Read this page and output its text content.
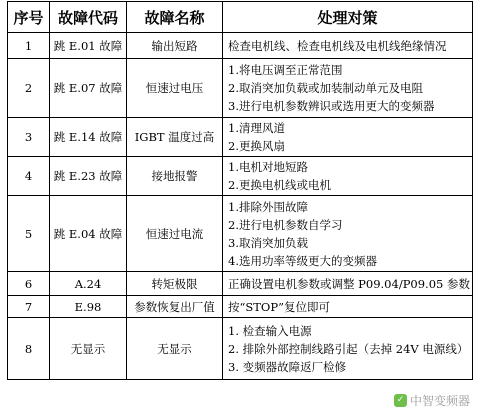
序号	故障代码	故障名称	处理对策
1	跳 E.01 故障	输出短路	检查电机线、检查电机线及电机线绝缘情况

2	跳 E.07 故障	恒速过电压	1.将电压调至正常范围
2.取消突加负载或加装制动单元及电阻
3.进行电机参数辨识或选用更大的变频器

3	跳 E.14 故障	IGBT 温度过高	1.清理风道
2.更换风扇

4	跳 E.23 故障	接地报警	1.电机对地短路
2.更换电机线或电机

5	跳 E.04 故障	恒速过电流	1.排除外围故障
2.进行电机参数自学习
3.取消突加负载
4.选用功率等级更大的变频器

6	A.24	转矩极限	正确设置电机参数或调整 P09.04/P09.05 参数

7	E.98	参数恢复出厂值	按“STOP”复位即可

8	无显示	无显示	1. 检查输入电源
2. 排除外部控制线路引起（去掉 24V 电源线）
3. 变频器故障返厂检修
✓ 中智变频器
